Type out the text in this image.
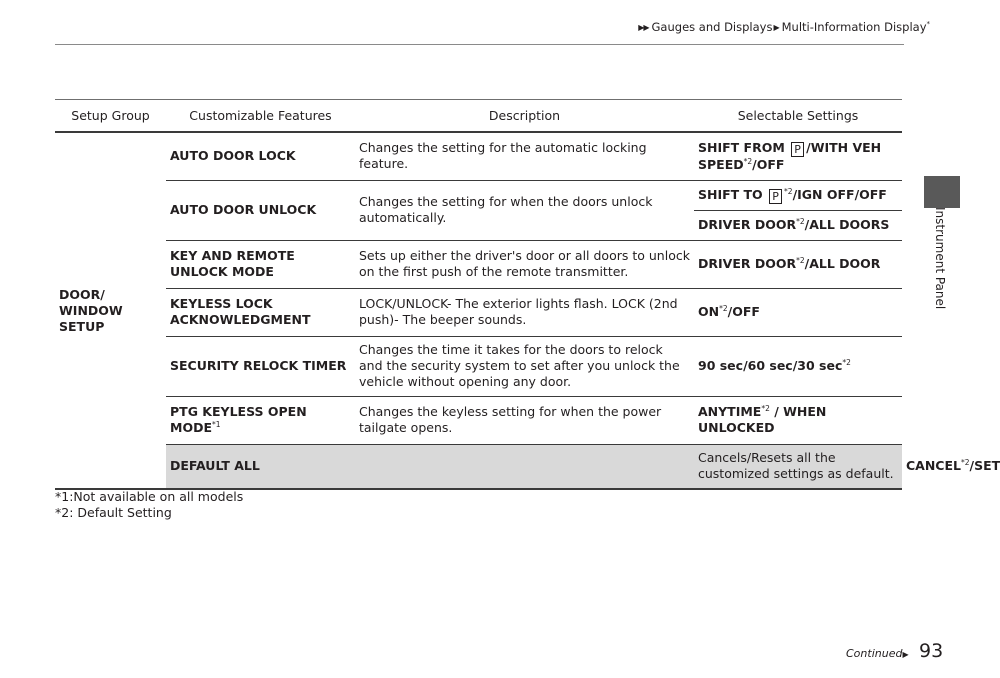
▶▶ Gauges and Displays▶ Multi-Information Display*
Instrument Panel
Setup Group	Customizable Features	Description	Selectable Settings	
DOOR/
WINDOW
SETUP	AUTO DOOR LOCK	Changes the setting for the automatic locking feature.	SHIFT FROM P /WITH VEH SPEED$^{*2}$/OFF	
	AUTO DOOR UNLOCK	Changes the setting for when the doors unlock automatically.	SHIFT TO P $^{*2}$/IGN OFF/OFF	
			DRIVER DOOR$^{*2}$/ALL DOORS	
	KEY AND REMOTE UNLOCK MODE	Sets up either the driver's door or all doors to unlock on the first push of the remote transmitter.	DRIVER DOOR$^{*2}$/ALL DOOR	
	KEYLESS LOCK ACKNOWLEDGMENT	LOCK/UNLOCK- The exterior lights flash. LOCK (2nd push)- The beeper sounds.	ON$^{*2}$/OFF	
	SECURITY RELOCK TIMER	Changes the time it takes for the doors to relock and the security system to set after you unlock the vehicle without opening any door.	90 sec/60 sec/30 $\sec^{*2}$
	PTG KEYLESS OPEN MODE$^{*1}$	Changes the keyless setting for when the power tailgate opens.	ANYTIME$^{*2}$ / WHEN UNLOCKED	
	DEFAULT ALL		Cancels/Resets all the customized settings as default.	CANCEL$^{*2}$/SET
*1:Not available on all models
*2: Default Setting
Continued▶ 93
